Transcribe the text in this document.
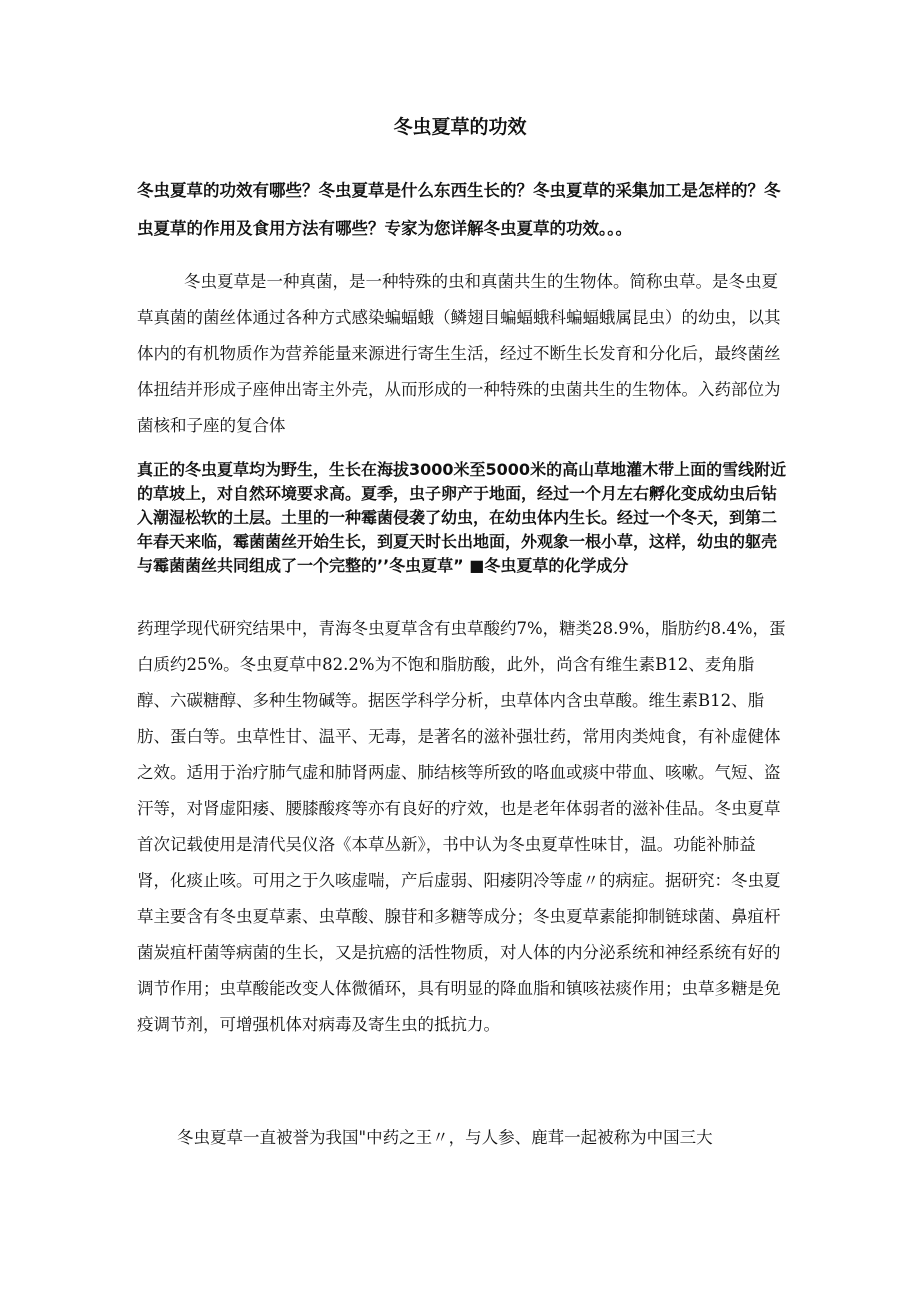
冬虫夏草的功效

冬虫夏草的功效有哪些？冬虫夏草是什么东西生长的？冬虫夏草的采集加工是怎样的？冬虫夏草的作用及食用方法有哪些？专家为您详解冬虫夏草的功效。。。

冬虫夏草是一种真菌，是一种特殊的虫和真菌共生的生物体。简称虫草。是冬虫夏草真菌的菌丝体通过各种方式感染蝙蝠蛾（鳞翅目蝙蝠蛾科蝙蝠蛾属昆虫）的幼虫，以其体内的有机物质作为营养能量来源进行寄生生活，经过不断生长发育和分化后，最终菌丝体扭结并形成子座伸出寄主外壳，从而形成的一种特殊的虫菌共生的生物体。入药部位为菌核和子座的复合体

真正的冬虫夏草均为野生，生长在海拔3000米至5000米的高山草地灌木带上面的雪线附近的草坡上，对自然环境要求高。夏季，虫子卵产于地面，经过一个月左右孵化变成幼虫后钻入潮湿松软的土层。土里的一种霉菌侵袭了幼虫，在幼虫体内生长。经过一个冬天，到第二年春天来临，霉菌菌丝开始生长，到夏天时长出地面，外观象一根小草，这样，幼虫的躯壳与霉菌菌丝共同组成了一个完整的’’冬虫夏草” ■冬虫夏草的化学成分

药理学现代研究结果中，青海冬虫夏草含有虫草酸约7%，糖类28.9%，脂肪约8.4%，蛋白质约25%。冬虫夏草中82.2%为不饱和脂肪酸，此外，尚含有维生素B12、麦角脂醇、六碳糖醇、多种生物碱等。据医学科学分析，虫草体内含虫草酸。维生素B12、脂肪、蛋白等。虫草性甘、温平、无毒，是著名的滋补强壮药，常用肉类炖食，有补虚健体之效。适用于治疗肺气虚和肺肾两虚、肺结核等所致的咯血或痰中带血、咳嗽。气短、盗汗等，对肾虚阳痿、腰膝酸疼等亦有良好的疗效，也是老年体弱者的滋补佳品。冬虫夏草首次记载使用是清代吴仪洛《本草丛新》，书中认为冬虫夏草性味甘，温。功能补肺益肾，化痰止咳。可用之于久咳虚喘，产后虚弱、阳痿阴冷等虚〃的病症。据研究：冬虫夏草主要含有冬虫夏草素、虫草酸、腺苷和多糖等成分；冬虫夏草素能抑制链球菌、鼻疽杆菌炭疽杆菌等病菌的生长，又是抗癌的活性物质，对人体的内分泌系统和神经系统有好的调节作用；虫草酸能改变人体微循环，具有明显的降血脂和镇咳祛痰作用；虫草多糖是免疫调节剂，可增强机体对病毒及寄生虫的抵抗力。

冬虫夏草一直被誉为我国"中药之王〃，与人参、鹿茸一起被称为中国三大
